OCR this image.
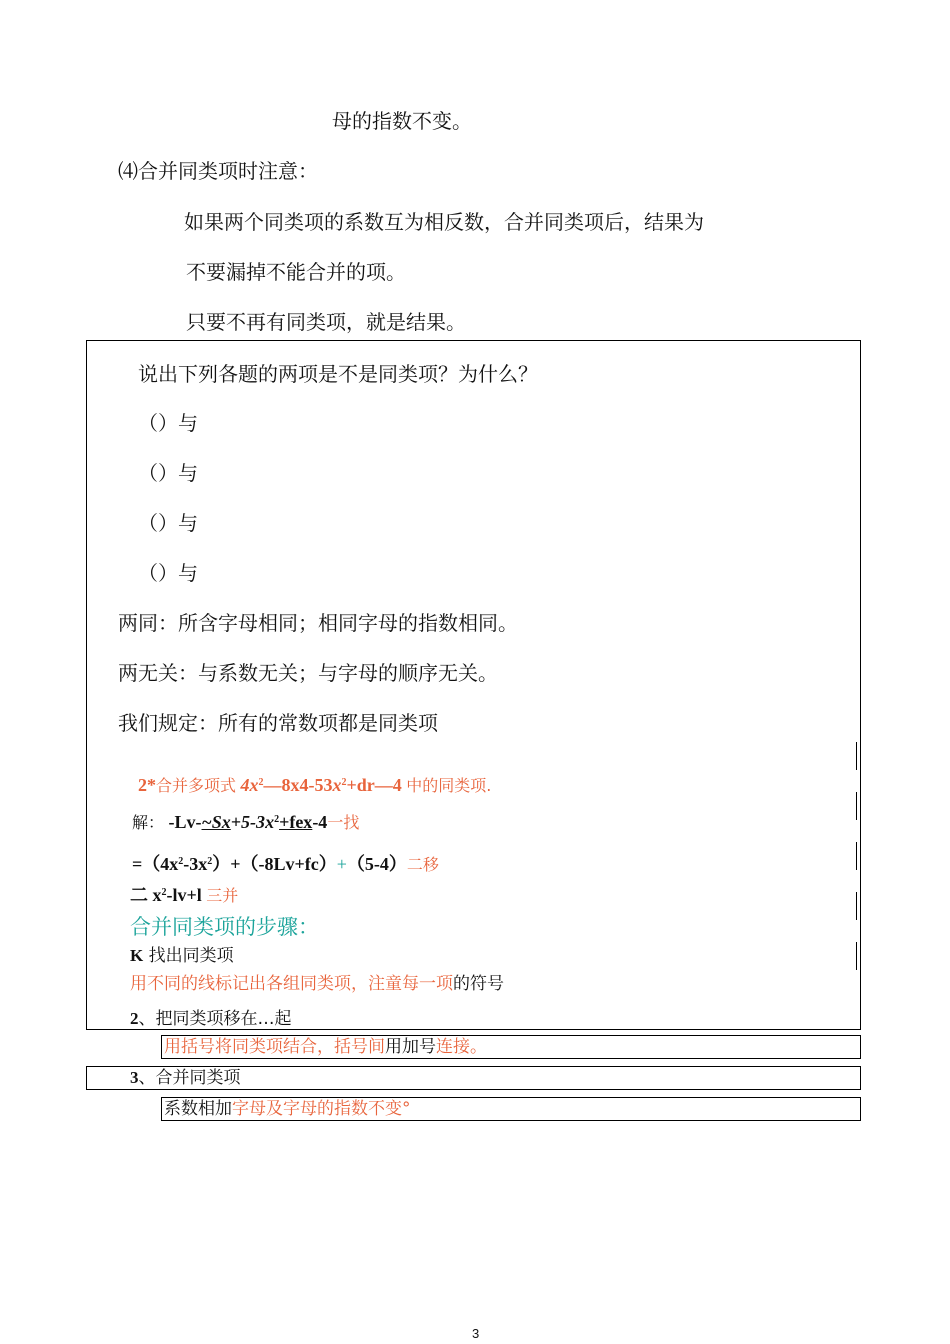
母的指数不变。
⑷合并同类项时注意：
如果两个同类项的系数互为相反数，合并同类项后，结果为
不要漏掉不能合并的项。
只要不再有同类项，就是结果。
说出下列各题的两项是不是同类项？为什么？
（）与
（）与
（）与
（）与
两同：所含字母相同；相同字母的指数相同。
两无关：与系数无关；与字母的顺序无关。
我们规定：所有的常数项都是同类项
2*合并多项式 $4x^2—8x4-53x^2+dr—4$ 中的同类项.
解： $-Lv-\sim Sx+5-3x^2+fex-4$一找
$=(4x^2-3x^2)+(-8Lv+fc)+(5-4)$二移
二 $x^2-lv+l$ 三并
合并同类项的步骤：
K 找出同类项
用不同的线标记出各组同类项，注童每一项的符号
2、把同类项移在…起
用括号将同类项结合，括号间用加号连接。
3、合并同类项
系数相加字母及字母的指数不变°
3
